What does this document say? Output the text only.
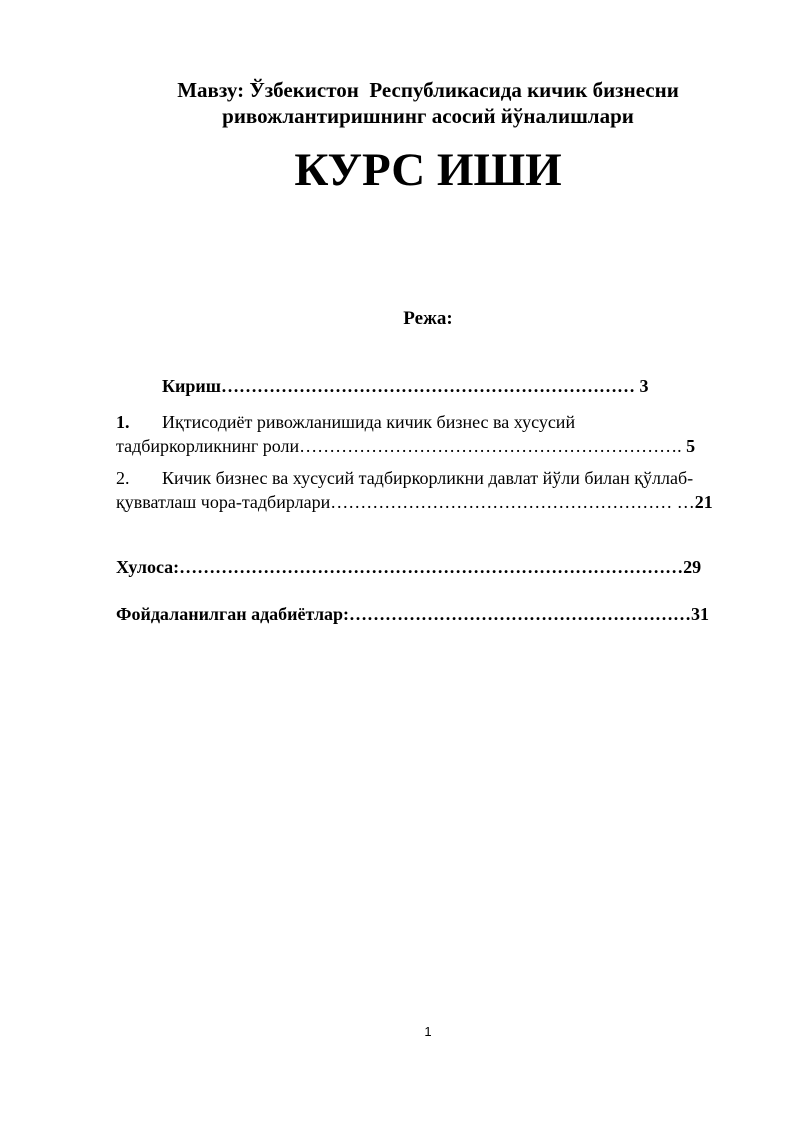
Мавзу: Ўзбекистон  Республикасида кичик бизнесни
ривожлантиришнинг асосий йўналишлари
КУРС ИШИ
Режа:
Кириш…………………………………………………………… 3
1. Иқтисодиёт ривожланишида кичик бизнес ва хусусий
тадбиркорликнинг роли………………………………………………………. 5
2. Кичик бизнес ва хусусий тадбиркорликни давлат йўли билан қўллаб-
қувватлаш чора-тадбирлари………………………………………………… …21
Хулоса:…………………………………………………………………………29
Фойдаланилган адабиётлар:…………………………………………………31
1
